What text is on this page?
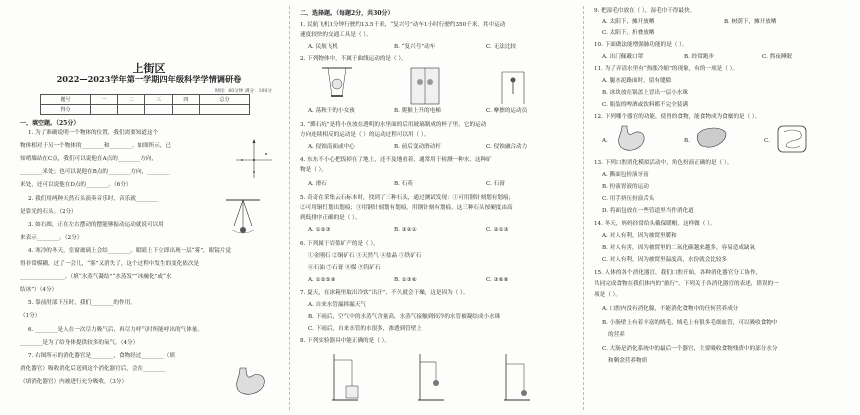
上街区
2022—2023学年第一学期四年级科学学情调研卷
时间：60分钟 满分：100分
题号	一	二	三	四	总分
得分					
一、填空题。（25分）
1. 为了准确说明一个物体的位置，我们需要知道这个
物体相对于另一个物体的________和________。如图所示，已
知哨墙站在C点，我们可以说他在A点的________方向，
________米处；也可以说他在B点的________方向，________
米处，还可以说他在D点的________。（6分）
2. 我们用两种天然石头演奏音乐时，音乐就________
是靠光的石头。（2分）
3. 如右图，正在左右摆动的摆能够振动运动就说可以用
来表示________。（2分）
4. 寒冷的冬天，室窗玻璃上会结________，眼睛上下立即出现一层“雾”，眼镜片觉
得非常模糊，过了一会儿，“雾”又消失了，这个过程中发生的变化依次是
________________。（填“水蒸气凝结”“水蒸发”“冰融化”或“水
结冰”）（4分）
5. 靠前肘部下压时，我们________的作用。
（1分）
6. ________是人在一次尽力吸气后，再尽力呼气时所能呼出的气体量。
________是为了给身体提供较多的氧气。（4分）
7. 右图所示的消化器官是________，食物经过________（填
消化器官）吸收消化后送到这个消化器官后，会在________
（填消化器官）内被进行充分吸收。（3分）
二、选择题。（每题2分，共30分）
1. 民航飞机1分钟行驶约13.5千米，“复兴号”动车1小时行驶约350千米，其中运动
速度较快的交通工具是（ ）。
A. 民航飞机	B. “复兴号”动车	C. 无法比较
2. 下列物体中，不属于曲线运动的是（ ）。
A. 荡秋千的小女孩	B. 爬猴上升的电梯	C. 摩擦的运动员
3. “掷石坑”是将小鱼放在透明的水里面的后用玻璃制成的杯子里，它的运动
方向连续相反的运动是（ ）的运动过程可以用（ ）。
A. 侵蚀南面或中心	B. 前后变动滑动杆	C. 侵蚀融合动力
4. 东东不小心把饭掉在了地上，还不及地看着，通常用于检测一种水，这种矿
物是（ ）。
A. 滑石	B. 石英	C. 石膏
5. 奇奇在采集云石标本时，找到了三种石头，通过测试发现：①可用钢针刻划有划痕；
②可用铜钉划出划痕；③用钢针刻划有划痕，用钢针刻有划痕。这三种石头按硬度由高
到低排序正确的是（ ）。
A. ①②③	B. ③②①	C. ②①③
6. 下列属于岩浆矿产的是（ ）。
①金刚石 ②铜矿石 ③天然气 ④盐晶 ⑤铁矿石
⑥石油 ⑦石膏 ⑧煤 ⑨钨矿石
A. ①②⑤⑨	B. ①③⑥	C. ③⑥⑧
7. 夏天，在冰箱里取出冷饮“出汗”，不久就会干燥，这是因为（ ）。
A. 自来水管漏摔漏天气
B. 下雨后，空气中的水蒸气含量高，水蒸气接触到较冷的水管被凝结成小水珠
C. 下雨后，自来水管的水很多，渗透到管壁上
8. 下列实验器具中能正确的是（ ）。
9. 把湿毛巾放在（ ），湿毛巾干得最快。
A. 太阳下，摊开放晒	B. 树荫下，摊开放晒
C. 太阳下，折叠放晒
10. 下面做法能增强肺功能的是（ ）。
A. 出门佩戴口罩	B. 经常跑步	C. 熬夜睡眠
11. 为了弄清水里有“热胀冷缩”的现象，有的一项是（ ）。
A. 腿水泥路面时，留有缝隙
B. 冰块放在锅盖上冒出一层小水珠
C. 瓶装的啤酒或饮料都不完全装满
12. 下列哪个器官的功能，使胃的食物，能食物成为食糜的是（ ）。
A.	B.	C.
13. 下列口腔消化模拟活动中，角色扮演正确的是（ ）。
A. 撕面包扮演牙齿
B. 扮演胃液的运动
C. 用手挤压扮演舌头
D. 将面包放在一些管道里当作消化道
14. 冬天，妈妈经常给头戴保暖帽，这样做（ ）。
A. 对人有利，因为被窝里暖和
B. 对人有害，因为被窝里的二氧化碳越来越多，容易造成缺氧
C. 对人有利，因为被窝里温度高，水份就会比较多
15. 人体的各个消化器官，我们口腔开始，各种消化器官分工协作，
共同完成食物在我们体内的“旅行”。下列关于各消化器官的表述，错误的一
项是（ ）。
A. 口腔内没有消化腺，不能消化食物中的任何营养成分
B. 小肠壁上有着丰富的绒毛，绒毛上有很多毛细血管，可以吸收食物中
的营养
C. 大肠是消化系统中的最后一个器官，主要吸收食物残渣中的部分水分
和剩余营养物质
